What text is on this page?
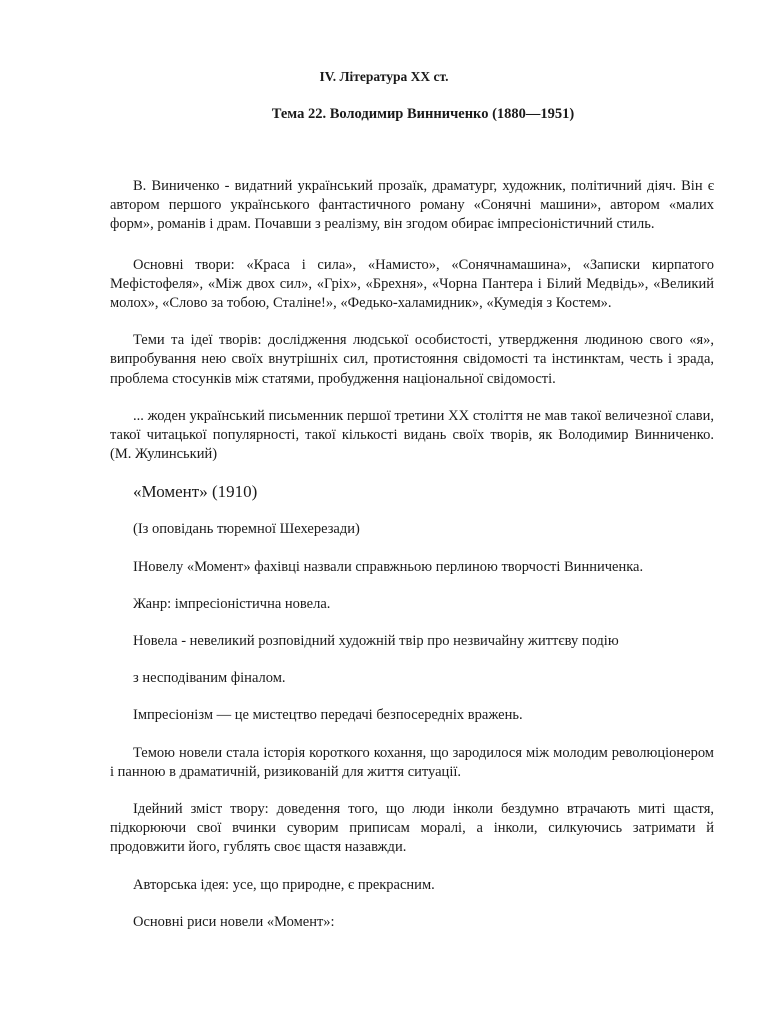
IV. Література XX ст.
Тема 22. Володимир Винниченко (1880—1951)

В. Виниченко - видатний український прозаїк, драматург, художник, політичний діяч. Він є автором першого українського фантастичного роману «Сонячні машини», автором «малих форм», романів і драм. Почавши з реалізму, він згодом обирає імпресіоністичний стиль.

Основні твори: «Краса і сила», «Намисто», «Сонячнамашина», «Записки кирпатого Мефістофеля», «Між двох сил», «Гріх», «Брехня», «Чорна Пантера і Білий Медвідь», «Великий молох», «Слово за тобою, Сталіне!», «Федько-халамидник», «Кумедія з Костем».

Теми та ідеї творів: дослідження людської особистості, утвердження людиною свого «я», випробування нею своїх внутрішніх сил, протистояння свідомості та інстинктам, честь і зрада, проблема стосунків між статями, пробудження національної свідомості.

... жоден український письменник першої третини XX століття не мав такої величезної слави, такої читацької популярності, такої кількості видань своїх творів, як Володимир Винниченко. (М. Жулинський)

«Момент» (1910)

(Із оповідань тюремної Шехерезади)

ІНовелу «Момент» фахівці назвали справжньою перлиною творчості Винниченка.

Жанр: імпресіоністична новела.

Новела - невеликий розповідний художній твір про незвичайну життєву подію

з несподіваним фіналом.

Імпресіонізм — це мистецтво передачі безпосередніх вражень.

Темою новели стала історія короткого кохання, що зародилося між молодим революціонером і панною в драматичній, ризикованій для життя ситуації.

Ідейний зміст твору: доведення того, що люди інколи бездумно втрачають миті щастя, підкорюючи свої вчинки суворим приписам моралі, а інколи, силкуючись затримати й продовжити його, гублять своє щастя назавжди.

Авторська ідея: усе, що природне, є прекрасним.

Основні риси новели «Момент»:
